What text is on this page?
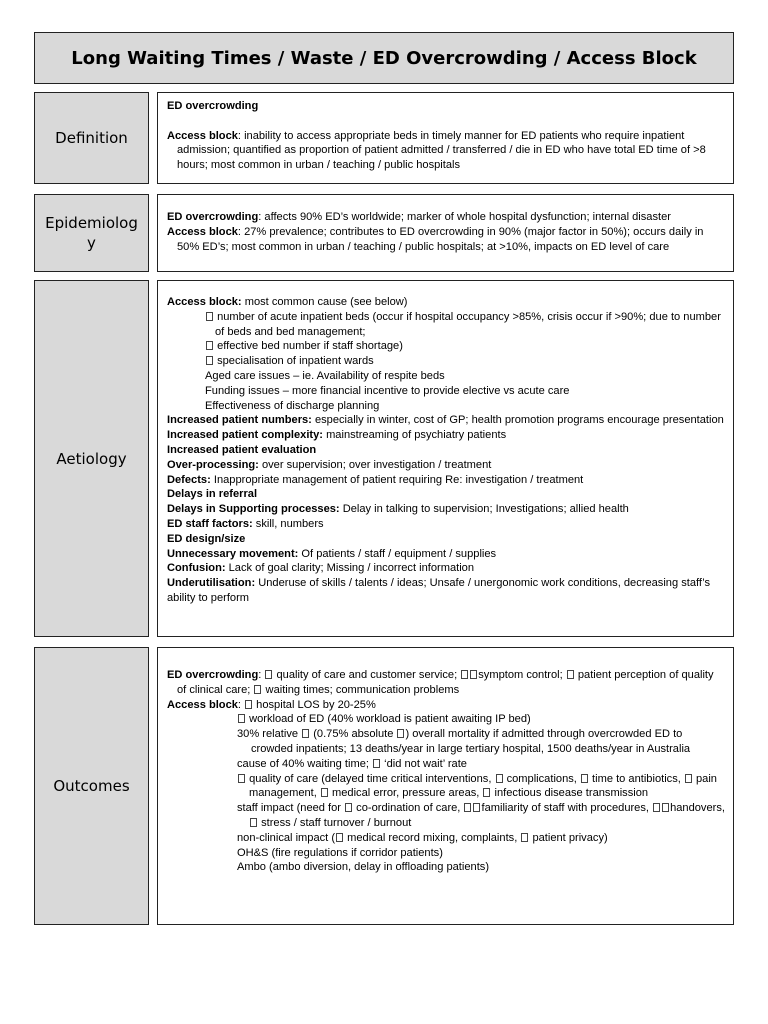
Long Waiting Times / Waste / ED Overcrowding / Access Block
Definition

ED overcrowding

Access block: inability to access appropriate beds in timely manner for ED patients who require inpatient admission; quantified as proportion of patient admitted / transferred / die in ED who have total ED time of >8 hours; most common in urban / teaching / public hospitals

Epidemiology

ED overcrowding: affects 90% ED’s worldwide; marker of whole hospital dysfunction; internal disaster

Access block: 27% prevalence; contributes to ED overcrowding in 90% (major factor in 50%); occurs daily in 50% ED’s; most common in urban / teaching / public hospitals; at >10%, impacts on ED level of care

Aetiology

Access block: most common cause (see below)

number of acute inpatient beds (occur if hospital occupancy >85%, crisis occur if >90%; due to number of beds and bed management;

effective bed number if staff shortage)

specialisation of inpatient wards

Aged care issues – ie. Availability of respite beds

Funding issues – more financial incentive to provide elective vs acute care

Effectiveness of discharge planning

Increased patient numbers: especially in winter, cost of GP; health promotion programs encourage presentation

Increased patient complexity: mainstreaming of psychiatry patients

Increased patient evaluation

Over-processing: over supervision; over investigation / treatment

Defects: Inappropriate management of patient requiring Re: investigation / treatment

Delays in referral

Delays in Supporting processes: Delay in talking to supervision; Investigations; allied health

ED staff factors: skill, numbers

ED design/size

Unnecessary movement: Of patients / staff / equipment / supplies

Confusion: Lack of goal clarity; Missing / incorrect information

Underutilisation: Underuse of skills / talents / ideas; Unsafe / unergonomic work conditions, decreasing staff’s ability to perform

Outcomes

ED overcrowding:  quality of care and customer service; symptom control;  patient perception of quality of clinical care;  waiting times; communication problems

Access block:  hospital LOS by 20-25%

workload of ED (40% workload is patient awaiting IP bed)

30% relative  (0.75% absolute ) overall mortality if admitted through overcrowded ED to crowded inpatients; 13 deaths/year in large tertiary hospital, 1500 deaths/year in Australia

cause of 40% waiting time;  ‘did not wait’ rate

quality of care (delayed time critical interventions,  complications,  time to antibiotics,  pain management,  medical error, pressure areas,  infectious disease transmission

staff impact (need for  co-ordination of care, familiarity of staff with procedures, handovers,  stress / staff turnover / burnout

non-clinical impact ( medical record mixing, complaints,  patient privacy)

OH&S (fire regulations if corridor patients)

Ambo (ambo diversion, delay in offloading patients)
